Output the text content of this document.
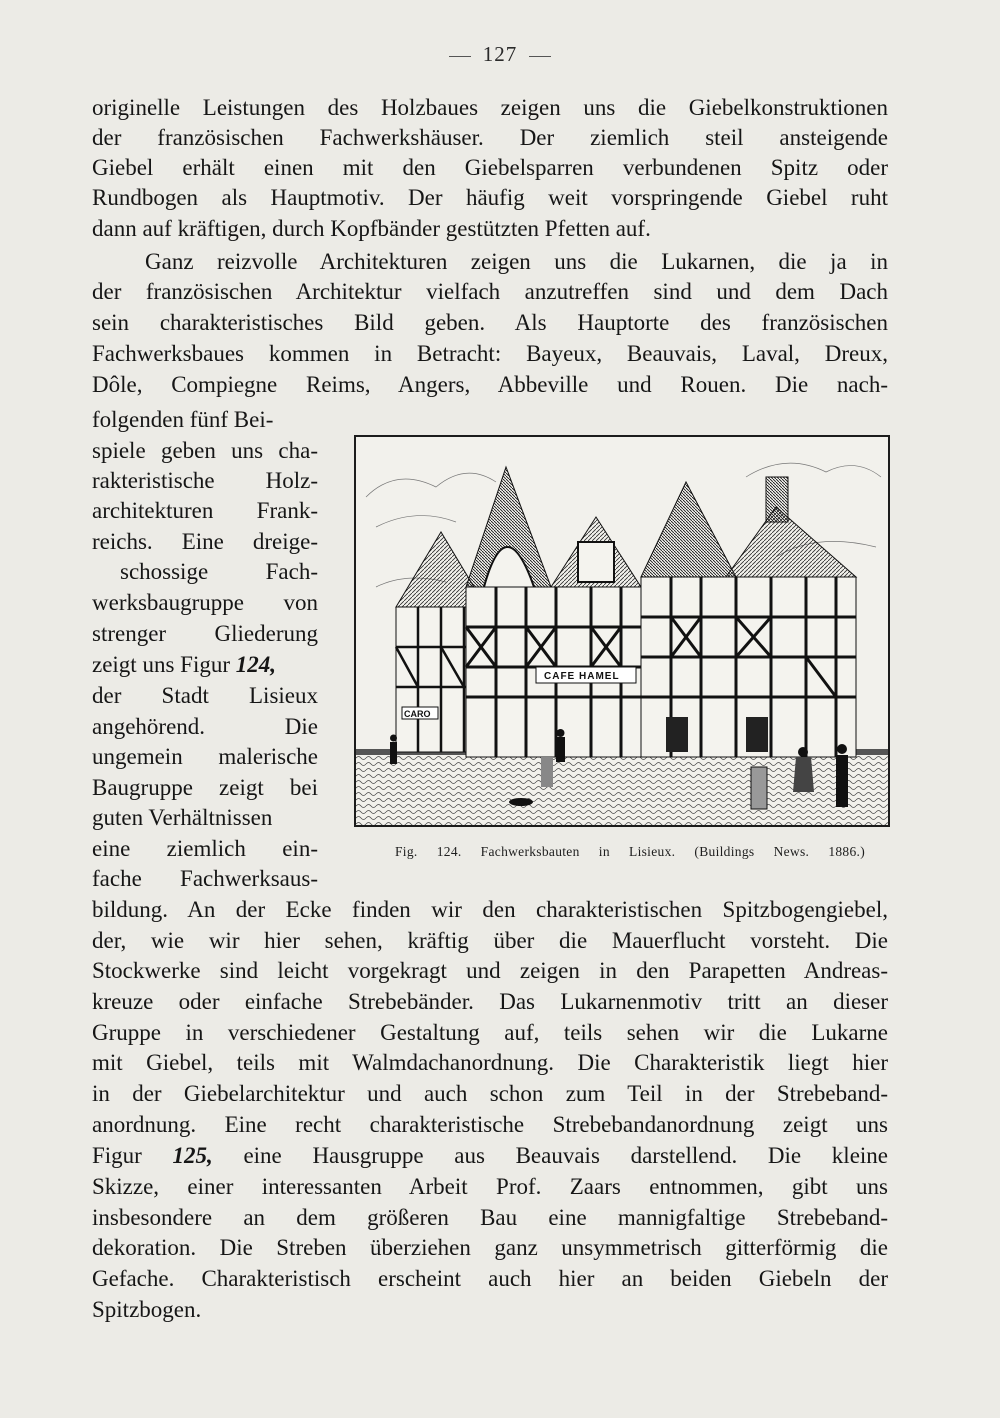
127
originelle Leistungen des Holzbaues zeigen uns die Giebelkonstruktionen
der französischen Fachwerkshäuser. Der ziemlich steil ansteigende
Giebel erhält einen mit den Giebelsparren verbundenen Spitz oder
Rundbogen als Hauptmotiv. Der häufig weit vorspringende Giebel ruht
dann auf kräftigen, durch Kopfbänder gestützten Pfetten auf.
Ganz reizvolle Architekturen zeigen uns die Lukarnen, die ja in
der französischen Architektur vielfach anzutreffen sind und dem Dach
sein charakteristisches Bild geben. Als Hauptorte des französischen
Fachwerksbaues kommen in Betracht: Bayeux, Beauvais, Laval, Dreux,
Dôle, Compiegne Reims, Angers, Abbeville und Rouen. Die nach‐
folgenden fünf Bei‐
spiele geben uns cha‐
rakteristische Holz‐
architekturen Frank‐
reichs. Eine dreige‐
schossige Fach‐
werksbaugruppe von
strenger Gliederung
zeigt uns Figur 124,
der Stadt Lisieux
angehörend. Die
ungemein malerische
Baugruppe zeigt bei
guten Verhältnissen
eine ziemlich ein‐
fache Fachwerksaus‐
CARO
CAFE HAMEL
Fig. 124. Fachwerksbauten in Lisieux. (Buildings News. 1886.)
bildung. An der Ecke finden wir den charakteristischen Spitzbogengiebel,
der, wie wir hier sehen, kräftig über die Mauerflucht vorsteht. Die
Stockwerke sind leicht vorgekragt und zeigen in den Parapetten Andreas‐
kreuze oder einfache Strebebänder. Das Lukarnenmotiv tritt an dieser
Gruppe in verschiedener Gestaltung auf, teils sehen wir die Lukarne
mit Giebel, teils mit Walmdachanordnung. Die Charakteristik liegt hier
in der Giebelarchitektur und auch schon zum Teil in der Strebeband‐
anordnung. Eine recht charakteristische Strebebandanordnung zeigt uns
Figur 125, eine Hausgruppe aus Beauvais darstellend. Die kleine
Skizze, einer interessanten Arbeit Prof. Zaars entnommen, gibt uns
insbesondere an dem größeren Bau eine mannigfaltige Strebeband‐
dekoration. Die Streben überziehen ganz unsymmetrisch gitterförmig die
Gefache. Charakteristisch erscheint auch hier an beiden Giebeln der
Spitzbogen.
